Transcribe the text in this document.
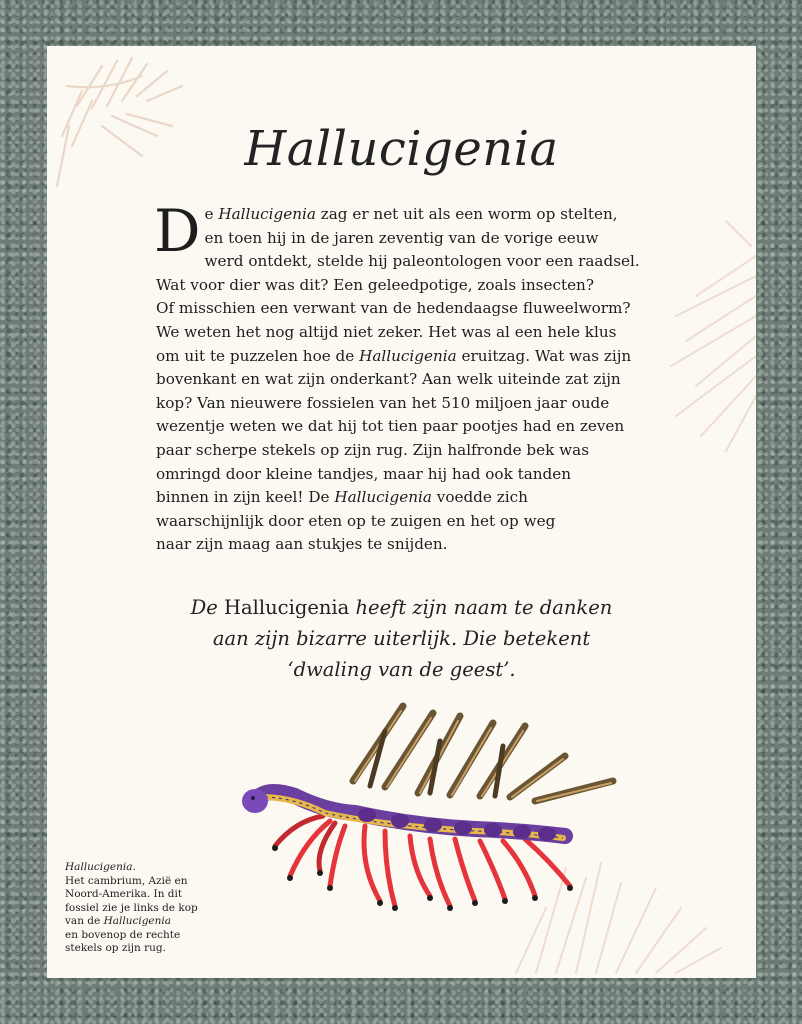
Hallucigenia
D e Hallucigenia zag er net uit als een worm op stelten,
en toen hij in de jaren zeventig van de vorige eeuw
werd ontdekt, stelde hij paleontologen voor een raadsel.
Wat voor dier was dit? Een geleedpotige, zoals insecten?
Of misschien een verwant van de hedendaagse fluweelworm?
We weten het nog altijd niet zeker. Het was al een hele klus
om uit te puzzelen hoe de Hallucigenia eruitzag. Wat was zijn
bovenkant en wat zijn onderkant? Aan welk uiteinde zat zijn
kop? Van nieuwere fossielen van het 510 miljoen jaar oude
wezentje weten we dat hij tot tien paar pootjes had en zeven
paar scherpe stekels op zijn rug. Zijn halfronde bek was
omringd door kleine tandjes, maar hij had ook tanden
binnen in zijn keel! De Hallucigenia voedde zich
waarschijnlijk door eten op te zuigen en het op weg
naar zijn maag aan stukjes te snijden.
De Hallucigenia heeft zijn naam te danken
aan zijn bizarre uiterlijk. Die betekent
‘dwaling van de geest’.
Hallucigenia.
Het cambrium, Azië en
Noord-Amerika. In dit
fossiel zie je links de kop
van de Hallucigenia
en bovenop de rechte
stekels op zijn rug.
